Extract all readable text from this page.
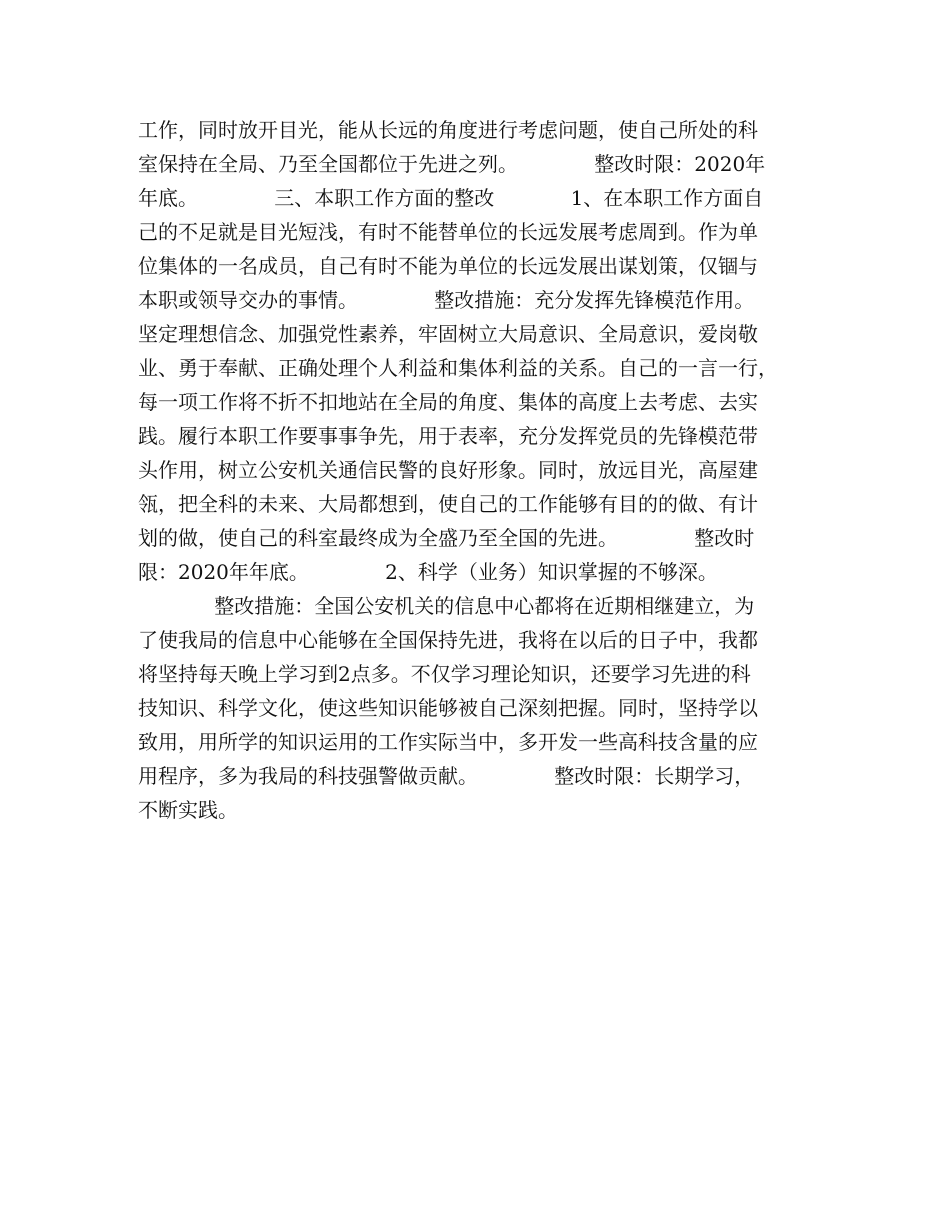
工作，同时放开目光，能从长远的角度进行考虑问题，使自己所处的科
室保持在全局、乃至全国都位于先进之列。            整改时限：2020年
年底。            三、本职工作方面的整改            1、在本职工作方面自
己的不足就是目光短浅，有时不能替单位的长远发展考虑周到。作为单
位集体的一名成员，自己有时不能为单位的长远发展出谋划策，仅锢与
本职或领导交办的事情。            整改措施：充分发挥先锋模范作用。
坚定理想信念、加强党性素养，牢固树立大局意识、全局意识，爱岗敬
业、勇于奉献、正确处理个人利益和集体利益的关系。自己的一言一行，
每一项工作将不折不扣地站在全局的角度、集体的高度上去考虑、去实
践。履行本职工作要事事争先，用于表率，充分发挥党员的先锋模范带
头作用，树立公安机关通信民警的良好形象。同时，放远目光，高屋建
瓴，把全科的未来、大局都想到，使自己的工作能够有目的的做、有计
划的做，使自己的科室最终成为全盛乃至全国的先进。            整改时
限：2020年年底。            2、科学（业务）知识掌握的不够深。
整改措施：全国公安机关的信息中心都将在近期相继建立，为
了使我局的信息中心能够在全国保持先进，我将在以后的日子中，我都
将坚持每天晚上学习到2点多。不仅学习理论知识，还要学习先进的科
技知识、科学文化，使这些知识能够被自己深刻把握。同时，坚持学以
致用，用所学的知识运用的工作实际当中，多开发一些高科技含量的应
用程序，多为我局的科技强警做贡献。            整改时限：长期学习，
不断实践。
